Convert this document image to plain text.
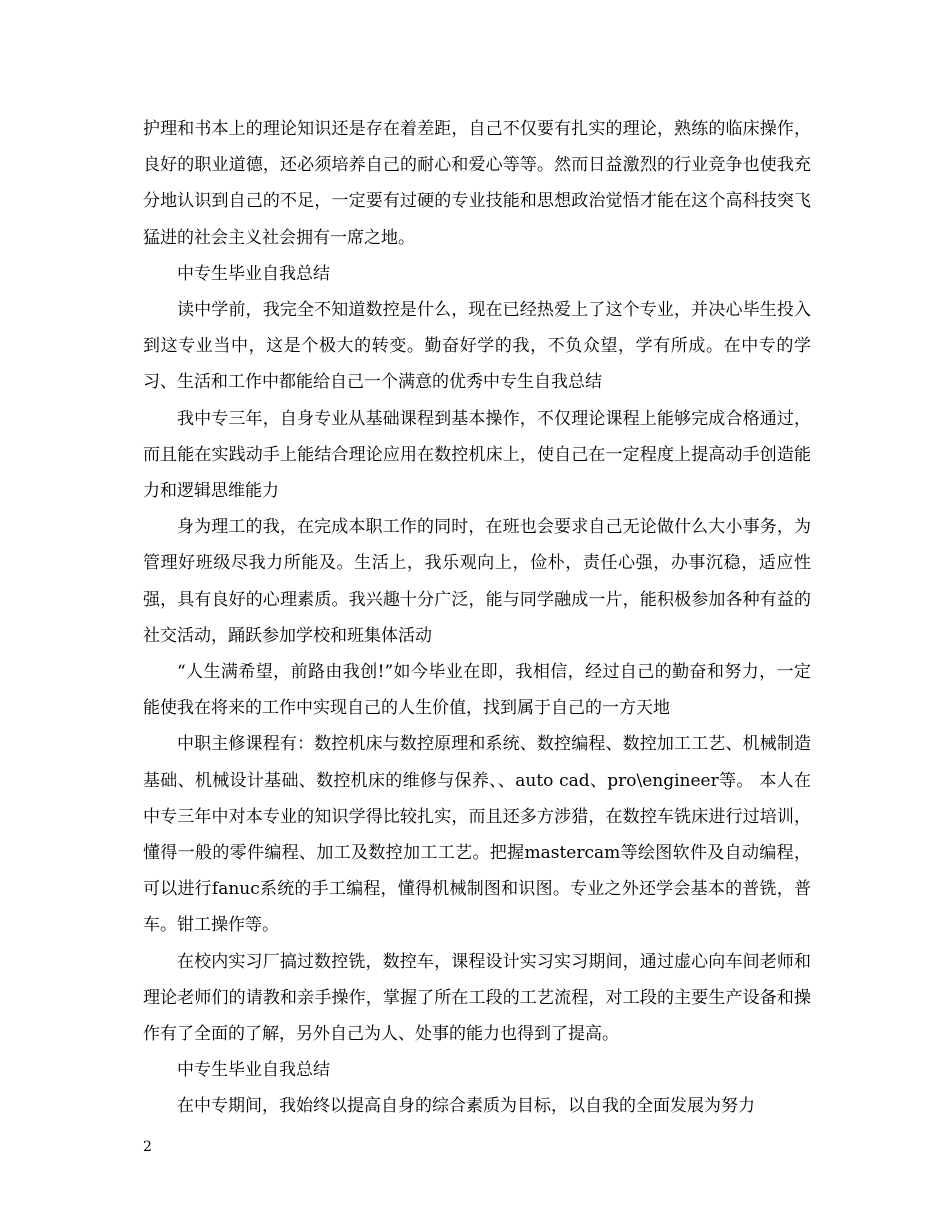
护理和书本上的理论知识还是存在着差距，自己不仅要有扎实的理论，熟练的临床操作，良好的职业道德，还必须培养自己的耐心和爱心等等。然而日益激烈的行业竞争也使我充分地认识到自己的不足，一定要有过硬的专业技能和思想政治觉悟才能在这个高科技突飞猛进的社会主义社会拥有一席之地。

中专生毕业自我总结

读中学前，我完全不知道数控是什么，现在已经热爱上了这个专业，并决心毕生投入到这专业当中，这是个极大的转变。勤奋好学的我，不负众望，学有所成。在中专的学习、生活和工作中都能给自己一个满意的优秀中专生自我总结

我中专三年，自身专业从基础课程到基本操作，不仅理论课程上能够完成合格通过，而且能在实践动手上能结合理论应用在数控机床上，使自己在一定程度上提高动手创造能力和逻辑思维能力

身为理工的我，在完成本职工作的同时，在班也会要求自己无论做什么大小事务，为管理好班级尽我力所能及。生活上，我乐观向上，俭朴，责任心强，办事沉稳，适应性强，具有良好的心理素质。我兴趣十分广泛，能与同学融成一片，能积极参加各种有益的社交活动，踊跃参加学校和班集体活动

“人生满希望，前路由我创!”如今毕业在即，我相信，经过自己的勤奋和努力，一定能使我在将来的工作中实现自己的人生价值，找到属于自己的一方天地

中职主修课程有：数控机床与数控原理和系统、数控编程、数控加工工艺、机械制造基础、机械设计基础、数控机床的维修与保养、、auto cad、pro\engineer等。 本人在中专三年中对本专业的知识学得比较扎实，而且还多方涉猎，在数控车铣床进行过培训，懂得一般的零件编程、加工及数控加工工艺。把握mastercam等绘图软件及自动编程，可以进行fanuc系统的手工编程，懂得机械制图和识图。专业之外还学会基本的普铣，普车。钳工操作等。

在校内实习厂搞过数控铣，数控车，课程设计实习实习期间，通过虚心向车间老师和理论老师们的请教和亲手操作，掌握了所在工段的工艺流程，对工段的主要生产设备和操作有了全面的了解，另外自己为人、处事的能力也得到了提高。

中专生毕业自我总结

在中专期间，我始终以提高自身的综合素质为目标，以自我的全面发展为努力

2
